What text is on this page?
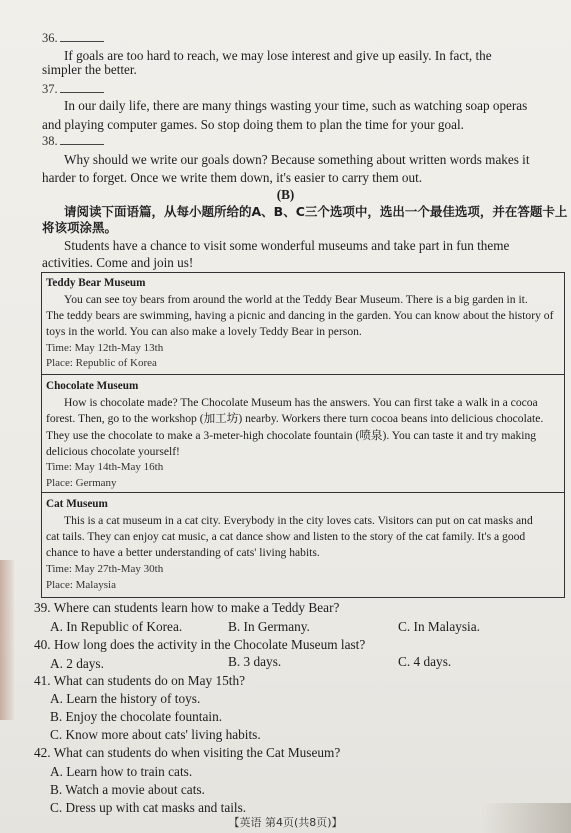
36.
If goals are too hard to reach, we may lose interest and give up easily. In fact, the
simpler the better.
37.
In our daily life, there are many things wasting your time, such as watching soap operas
and playing computer games. So stop doing them to plan the time for your goal.
38.
Why should we write our goals down? Because something about written words makes it
harder to forget. Once we write them down, it's easier to carry them out.
(B)
请阅读下面语篇，从每小题所给的A、B、C三个选项中，选出一个最佳选项，并在答题卡上
将该项涂黑。
Students have a chance to visit some wonderful museums and take part in fun theme
activities. Come and join us!
Teddy Bear Museum
You can see toy bears from around the world at the Teddy Bear Museum. There is a big garden in it.
The teddy bears are swimming, having a picnic and dancing in the garden. You can know about the history of
toys in the world. You can also make a lovely Teddy Bear in person.
Time: May 12th-May 13th
Place: Republic of Korea
Chocolate Museum
How is chocolate made? The Chocolate Museum has the answers. You can first take a walk in a cocoa
forest. Then, go to the workshop (加工坊) nearby. Workers there turn cocoa beans into delicious chocolate.
They use the chocolate to make a 3-meter-high chocolate fountain (喷泉). You can taste it and try making
delicious chocolate yourself!
Time: May 14th-May 16th
Place: Germany
Cat Museum
This is a cat museum in a cat city. Everybody in the city loves cats. Visitors can put on cat masks and
cat tails. They can enjoy cat music, a cat dance show and listen to the story of the cat family. It's a good
chance to have a better understanding of cats' living habits.
Time: May 27th-May 30th
Place: Malaysia
39. Where can students learn how to make a Teddy Bear?
A. In Republic of Korea.	B. In Germany.	C. In Malaysia.
40. How long does the activity in the Chocolate Museum last?
A. 2 days.	B. 3 days.	C. 4 days.
41. What can students do on May 15th?
A. Learn the history of toys.
B. Enjoy the chocolate fountain.
C. Know more about cats' living habits.
42. What can students do when visiting the Cat Museum?
A. Learn how to train cats.
B. Watch a movie about cats.
C. Dress up with cat masks and tails.
【英语 第4页(共8页)】
